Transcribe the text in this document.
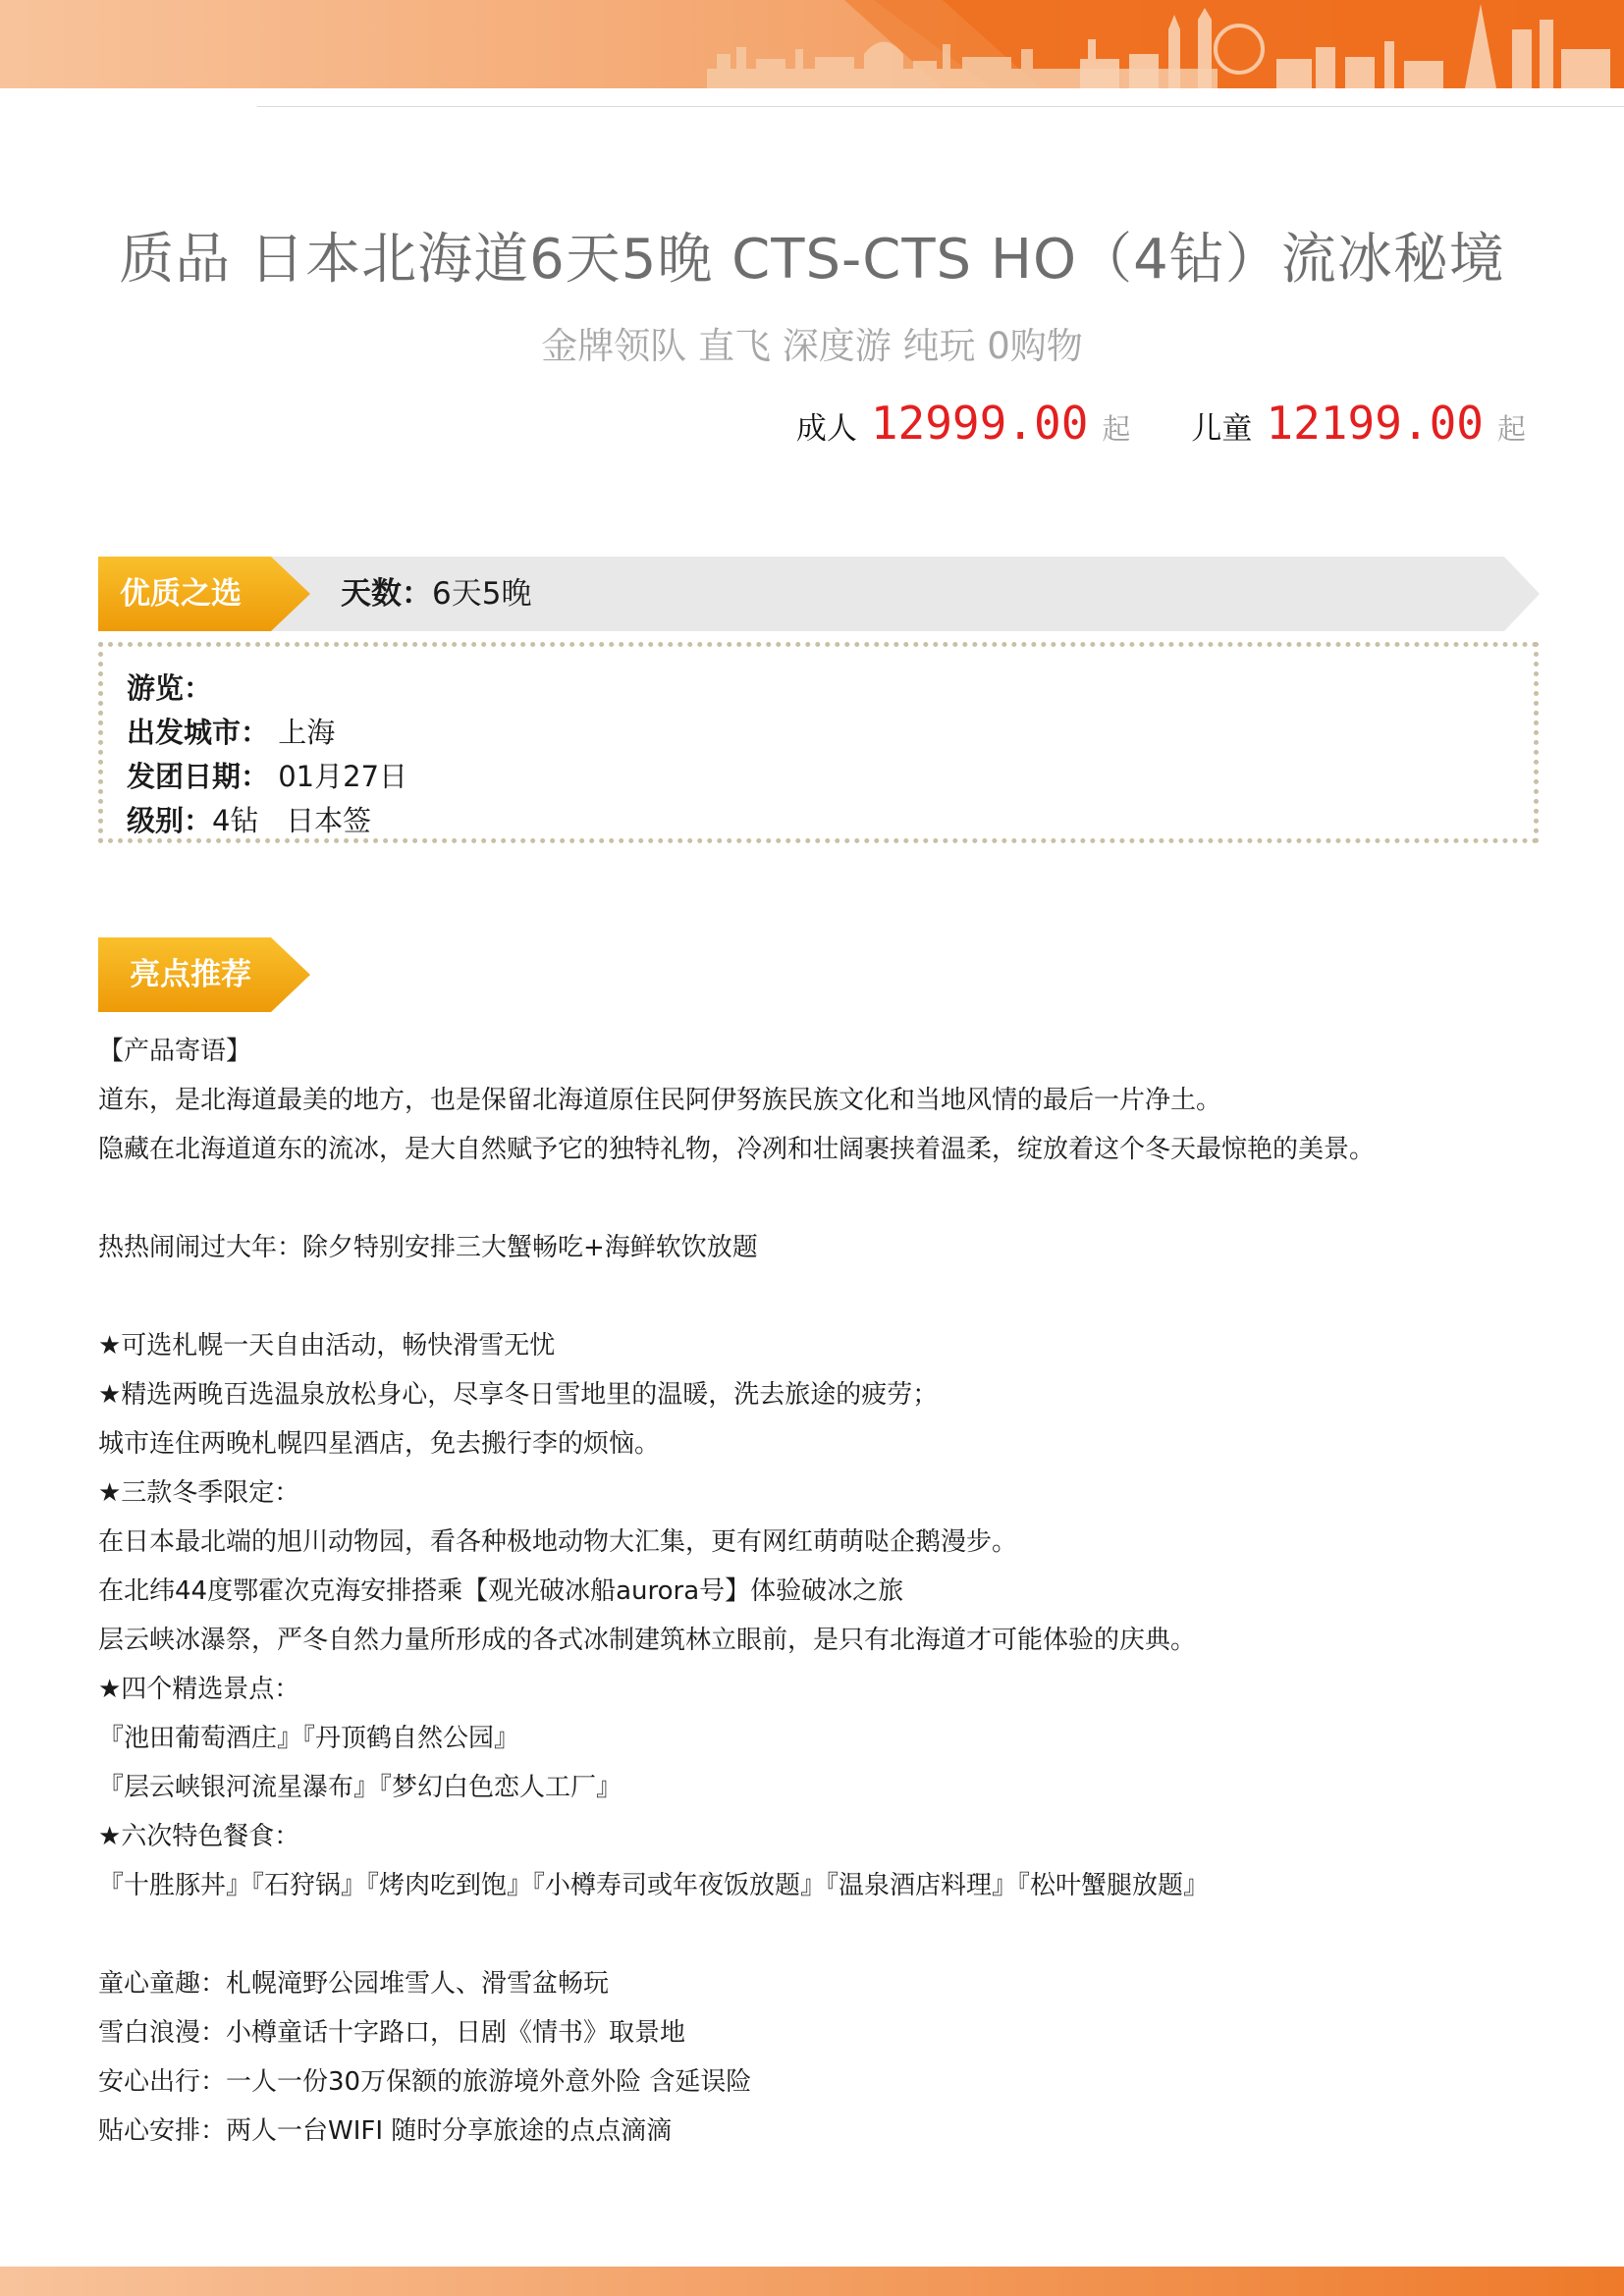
质品 日本北海道6天5晚 CTS-CTS HO（4钻）流冰秘境
金牌领队 直飞 深度游 纯玩 0购物
成人 12999.00 起 儿童 12199.00 起
优质之选	天数：6天5晚
游览：
出发城市： 上海
发团日期： 01月27日
级别：4钻   日本签
亮点推荐
【产品寄语】
道东，是北海道最美的地方，也是保留北海道原住民阿伊努族民族文化和当地风情的最后一片净土。
隐藏在北海道道东的流冰，是大自然赋予它的独特礼物，冷冽和壮阔裹挟着温柔，绽放着这个冬天最惊艳的美景。
热热闹闹过大年：除夕特别安排三大蟹畅吃+海鲜软饮放题
★可选札幌一天自由活动，畅快滑雪无忧
★精选两晚百选温泉放松身心，尽享冬日雪地里的温暖，洗去旅途的疲劳；
城市连住两晚札幌四星酒店，免去搬行李的烦恼。
★三款冬季限定：
在日本最北端的旭川动物园，看各种极地动物大汇集，更有网红萌萌哒企鹅漫步。
在北纬44度鄂霍次克海安排搭乘【观光破冰船aurora号】体验破冰之旅
层云峡冰瀑祭，严冬自然力量所形成的各式冰制建筑林立眼前，是只有北海道才可能体验的庆典。
★四个精选景点：
『池田葡萄酒庄』『丹顶鹤自然公园』
『层云峡银河流星瀑布』『梦幻白色恋人工厂』
★六次特色餐食：
『十胜豚丼』『石狩锅』『烤肉吃到饱』『小樽寿司或年夜饭放题』『温泉酒店料理』『松叶蟹腿放题』
童心童趣：札幌滝野公园堆雪人、滑雪盆畅玩
雪白浪漫：小樽童话十字路口，日剧《情书》取景地
安心出行：一人一份30万保额的旅游境外意外险 含延误险
贴心安排：两人一台WIFI 随时分享旅途的点点滴滴
